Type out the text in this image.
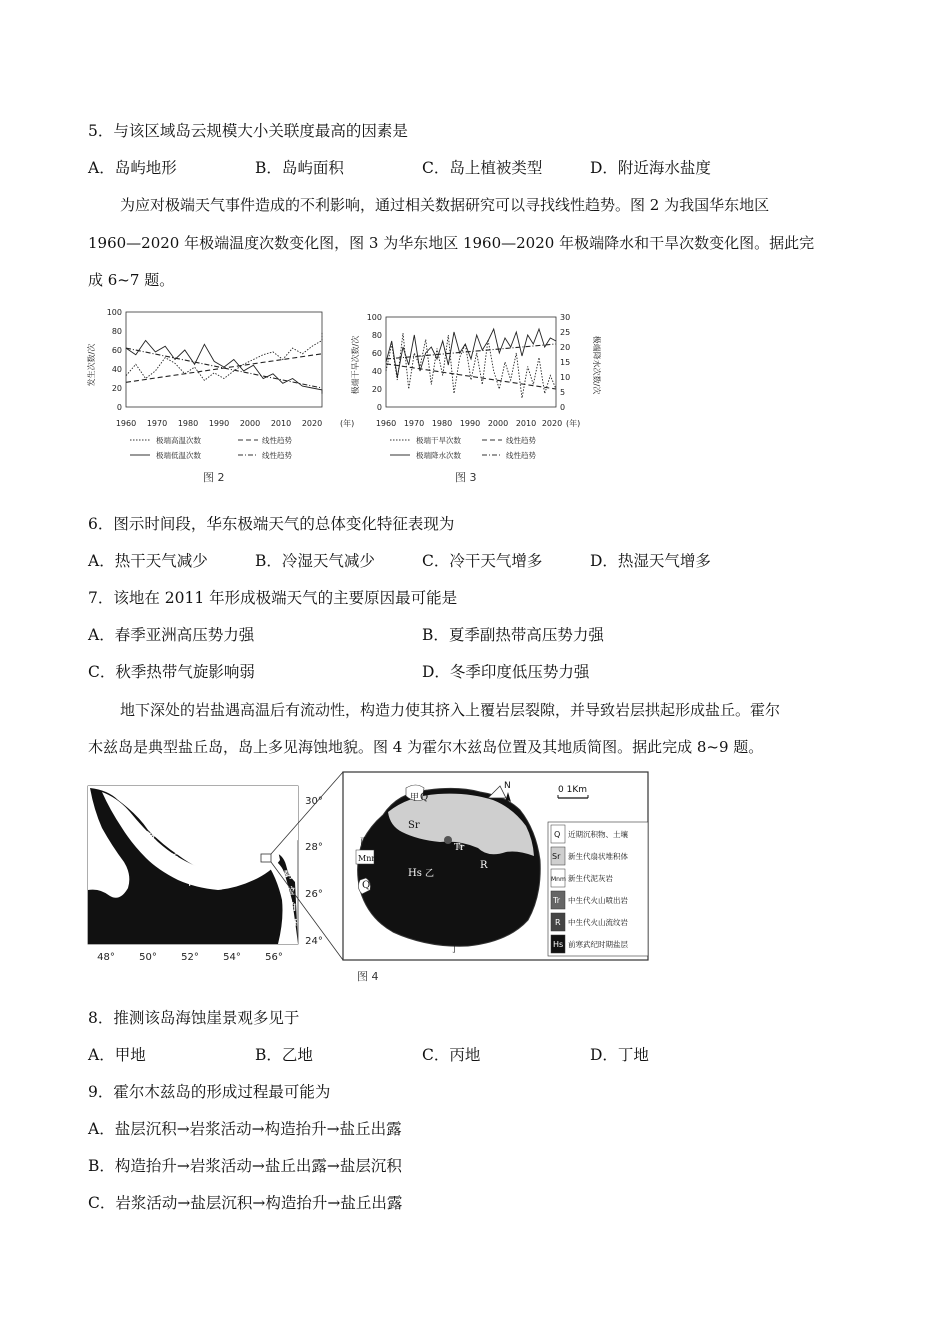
5．与该区域岛云规模大小关联度最高的因素是
A．岛屿地形	B．岛屿面积	C．岛上植被类型	D．附近海水盐度
为应对极端天气事件造成的不利影响，通过相关数据研究可以寻找线性趋势。图 2 为我国华东地区
1960—2020 年极端温度次数变化图，图 3 为华东地区 1960—2020 年极端降水和干旱次数变化图。据此完
成 6~7 题。
发生次数/次
100
80
60
40
20
0
1960 1970 1980 1990 2000 2010 2020 (年)
极端高温次数	线性趋势
极端低温次数	线性趋势
图 2
极端干旱次数/次	极端降水次数/次
100
80
60
40
20
0
30
25
20
15
10
5
0
1960 1970 1980 1990 2000 2010 2020 (年)
极端干旱次数	线性趋势
极端降水次数	线性趋势
图 3
6．图示时间段，华东极端天气的总体变化特征表现为
A．热干天气减少	B．冷湿天气减少	C．冷干天气增多	D．热湿天气增多
7．该地在 2011 年形成极端天气的主要原因最可能是
A．春季亚洲高压势力强	B．夏季副热带高压势力强
C．秋季热带气旋影响弱	D．冬季印度低压势力强
地下深处的岩盐遇高温后有流动性，构造力使其挤入上覆岩层裂隙，并导致岩层拱起形成盐丘。霍尔
木兹岛是典型盐丘岛，岛上多见海蚀地貌。图 4 为霍尔木兹岛位置及其地质简图。据此完成 8~9 题。
波
斯
湾
阿
拉
伯
海
30°
28°
26°
24°
48° 50° 52° 54° 56°
甲 Q
Sr
丙
Mnm
Q
Hs 乙
Tr
R
丁
N	0 1Km
Q 近期沉积物、土壤
Sr 新生代扇状堆积体
Mnm 新生代泥灰岩
Tr 中生代火山喷出岩
R 中生代火山流纹岩
Hs 前寒武纪时期盐层
图 4
8．推测该岛海蚀崖景观多见于
A．甲地	B．乙地	C．丙地	D．丁地
9．霍尔木兹岛的形成过程最可能为
A．盐层沉积→岩浆活动→构造抬升→盐丘出露
B．构造抬升→岩浆活动→盐丘出露→盐层沉积
C．岩浆活动→盐层沉积→构造抬升→盐丘出露
